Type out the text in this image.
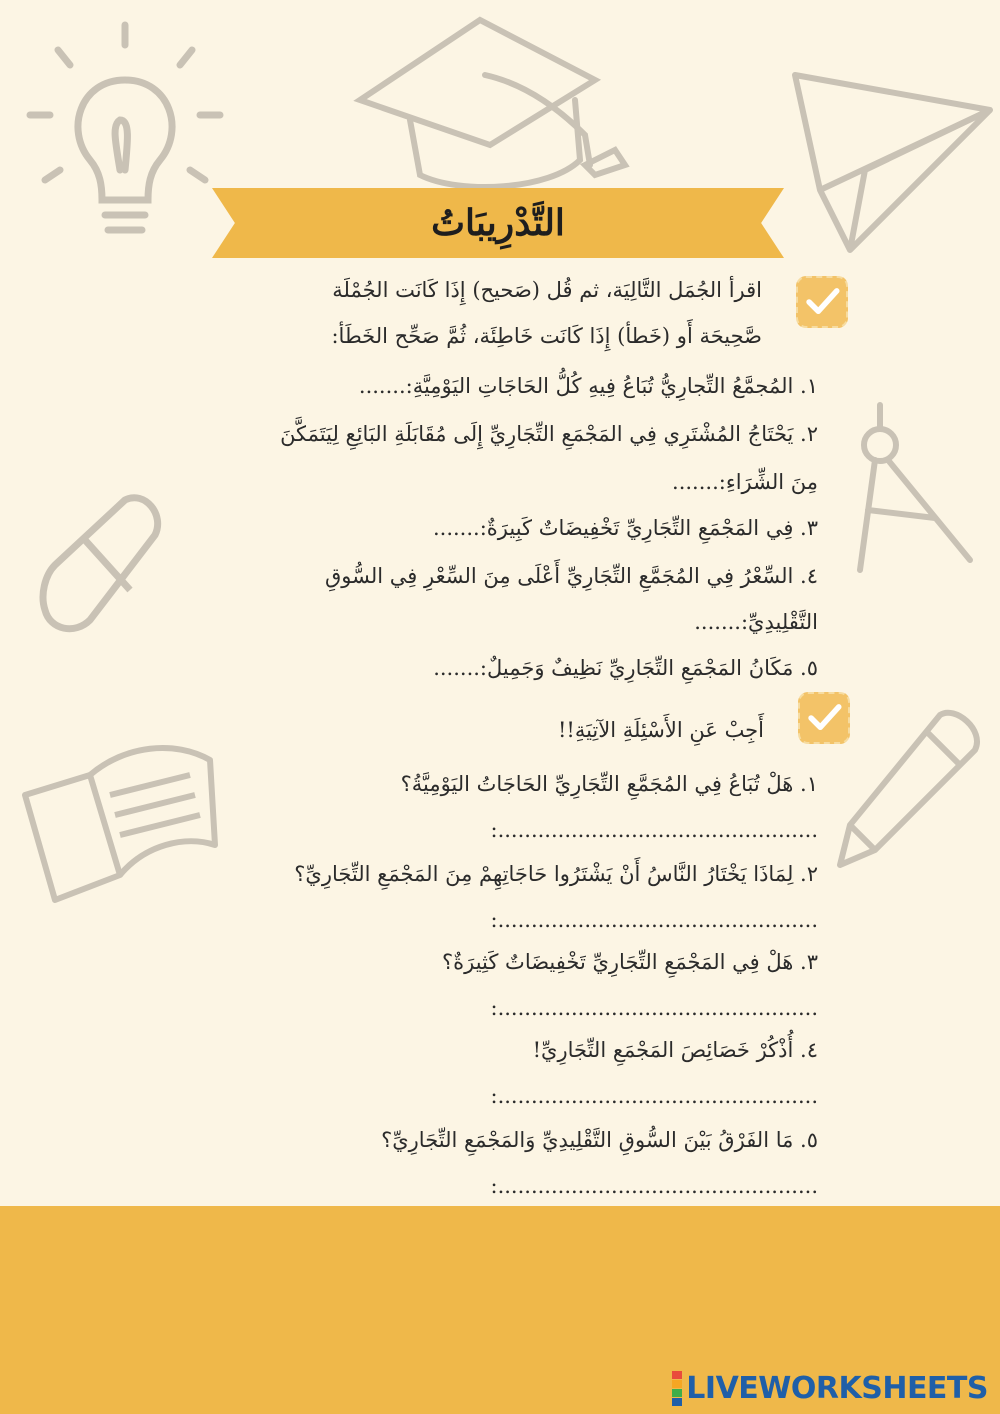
التَّدْرِيبَاتُ
اقرأ الجُمَل التَّالِيَة، ثم قُل (صَحيح) إِذَا كَانَت الجُمْلَة
صَّحِيحَة أَو (خَطأ) إِذَا كَانَت خَاطِئَة، ثُمَّ صَحِّح الخَطَأ:
١. المُجمَّعُ التِّجارِيُّ تُبَاعُ فِيهِ كُلُّ الحَاجَاتِ اليَوْمِيَّةِ:.......
٢. يَحْتَاجُ المُشْتَرِي فِي المَجْمَعِ التِّجَارِيِّ إِلَى مُقَابَلَةِ البَائِعِ لِيَتَمَكَّنَ
مِنَ الشِّرَاءِ:.......
٣. فِي المَجْمَعِ التِّجَارِيِّ تَخْفِيضَاتٌ كَبِيرَةٌ:.......
٤. السِّعْرُ فِي المُجَمَّعِ التِّجَارِيِّ أَعْلَى مِنَ السِّعْرِ فِي السُّوقِ
التَّقْلِيدِيِّ:.......
٥. مَكَانُ المَجْمَعِ التِّجَارِيِّ نَظِيفٌ وَجَمِيلٌ:.......
أَجِبْ عَنِ الأَسْئِلَةِ الآتِيَةِ!!
١. هَلْ تُبَاعُ فِي المُجَمَّعِ التِّجَارِيِّ الحَاجَاتُ اليَوْمِيَّةُ؟
:................................................
٢. لِمَاذَا يَخْتَارُ النَّاسُ أَنْ يَشْتَرُوا حَاجَاتِهِمْ مِنَ المَجْمَعِ التِّجَارِيِّ؟
:................................................
٣. هَلْ فِي المَجْمَعِ التِّجَارِيِّ تَخْفِيضَاتٌ كَثِيرَةٌ؟
:................................................
٤. أُذْكُرْ خَصَائِصَ المَجْمَعِ التِّجَارِيِّ!
:................................................
٥. مَا الفَرْقُ بَيْنَ السُّوقِ التَّقْلِيدِيِّ وَالمَجْمَعِ التِّجَارِيِّ؟
:................................................
LIVEWORKSHEETS
